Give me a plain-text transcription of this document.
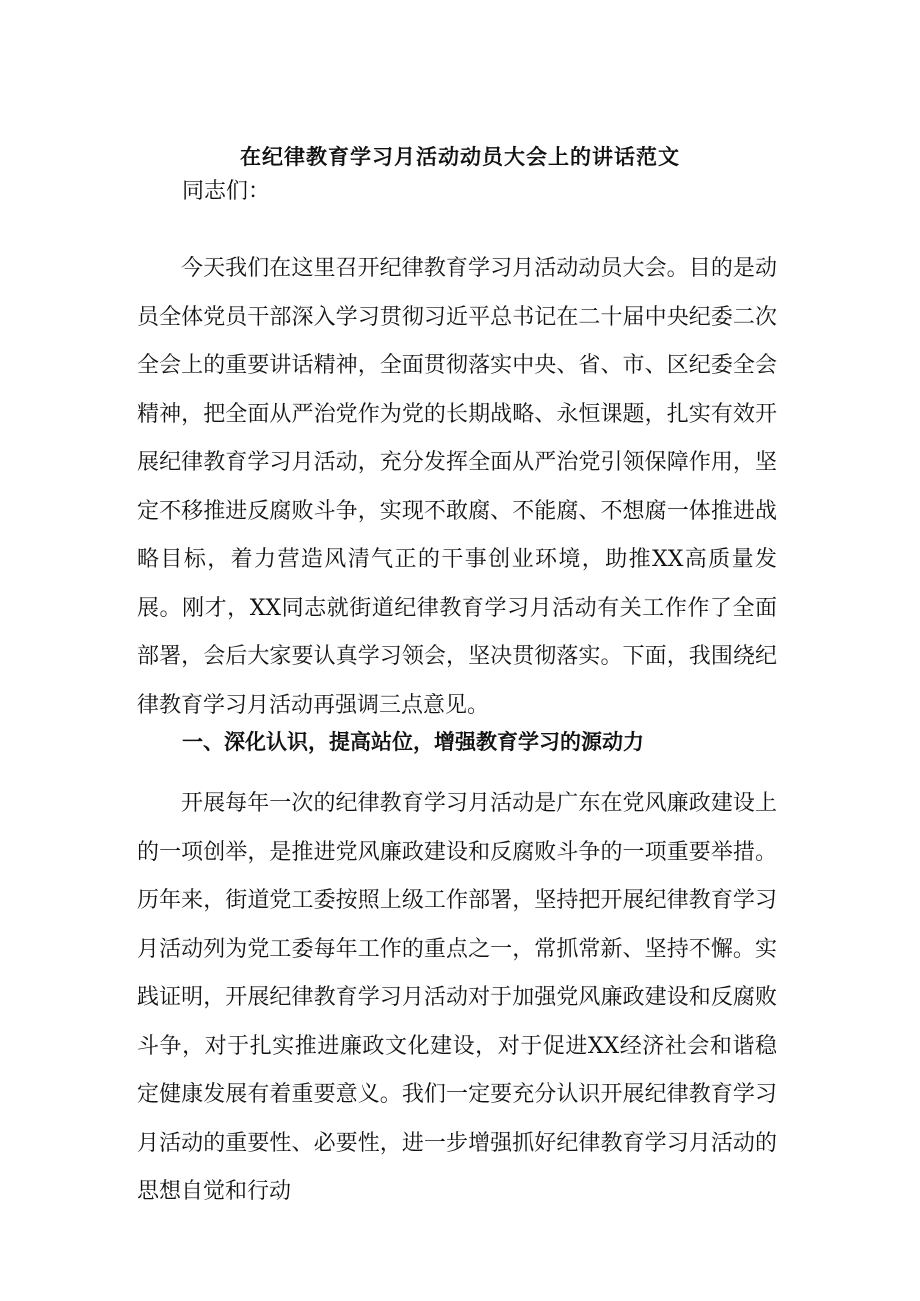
在纪律教育学习月活动动员大会上的讲话范文

同志们：

今天我们在这里召开纪律教育学习月活动动员大会。目的是动员全体党员干部深入学习贯彻习近平总书记在二十届中央纪委二次全会上的重要讲话精神，全面贯彻落实中央、省、市、区纪委全会精神，把全面从严治党作为党的长期战略、永恒课题，扎实有效开展纪律教育学习月活动，充分发挥全面从严治党引领保障作用，坚定不移推进反腐败斗争，实现不敢腐、不能腐、不想腐一体推进战略目标，着力营造风清气正的干事创业环境，助推XX高质量发展。刚才，XX同志就街道纪律教育学习月活动有关工作作了全面部署，会后大家要认真学习领会，坚决贯彻落实。下面，我围绕纪律教育学习月活动再强调三点意见。

一、深化认识，提高站位，增强教育学习的源动力

开展每年一次的纪律教育学习月活动是广东在党风廉政建设上的一项创举，是推进党风廉政建设和反腐败斗争的一项重要举措。历年来，街道党工委按照上级工作部署，坚持把开展纪律教育学习月活动列为党工委每年工作的重点之一，常抓常新、坚持不懈。实践证明，开展纪律教育学习月活动对于加强党风廉政建设和反腐败斗争，对于扎实推进廉政文化建设，对于促进XX经济社会和谐稳定健康发展有着重要意义。我们一定要充分认识开展纪律教育学习月活动的重要性、必要性，进一步增强抓好纪律教育学习月活动的思想自觉和行动
